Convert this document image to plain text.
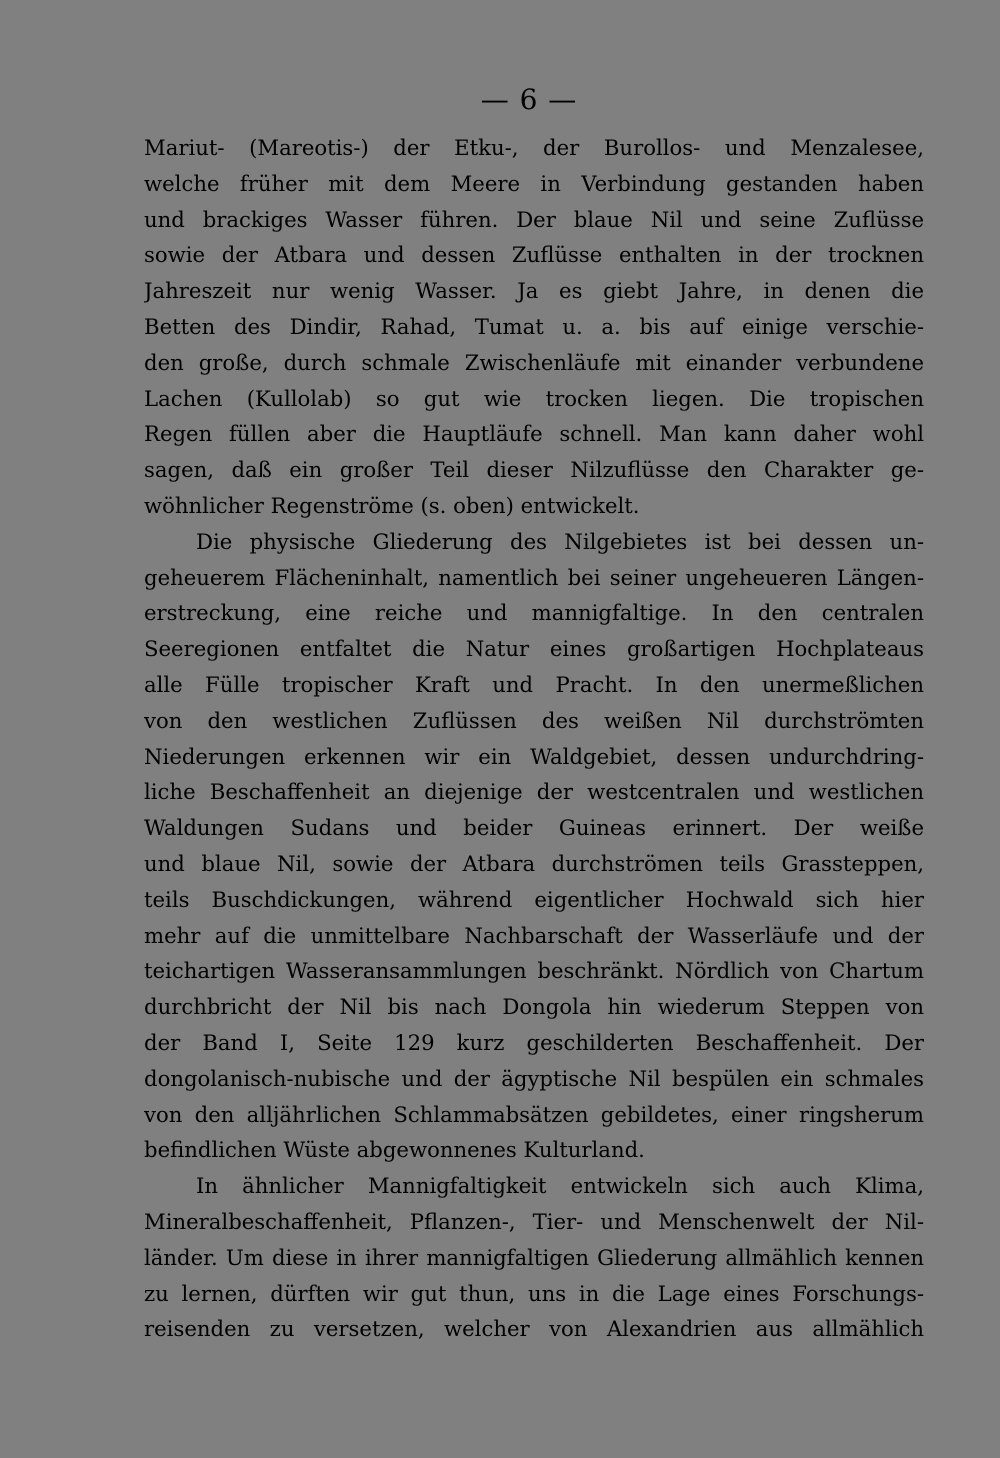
— 6 —
Mariut- (Mareotis-) der Etku-, der Burollos- und Menzalesee,
welche früher mit dem Meere in Verbindung gestanden haben
und brackiges Wasser führen. Der blaue Nil und seine Zuflüsse
sowie der Atbara und dessen Zuflüsse enthalten in der trocknen
Jahreszeit nur wenig Wasser. Ja es giebt Jahre, in denen die
Betten des Dindir, Rahad, Tumat u. a. bis auf einige verschie-
den große, durch schmale Zwischenläufe mit einander verbundene
Lachen (Kullolab) so gut wie trocken liegen. Die tropischen
Regen füllen aber die Hauptläufe schnell. Man kann daher wohl
sagen, daß ein großer Teil dieser Nilzuflüsse den Charakter ge-
wöhnlicher Regenströme (s. oben) entwickelt.
Die physische Gliederung des Nilgebietes ist bei dessen un-
geheuerem Flächeninhalt, namentlich bei seiner ungeheueren Längen-
erstreckung, eine reiche und mannigfaltige. In den centralen
Seeregionen entfaltet die Natur eines großartigen Hochplateaus
alle Fülle tropischer Kraft und Pracht. In den unermeßlichen
von den westlichen Zuflüssen des weißen Nil durchströmten
Niederungen erkennen wir ein Waldgebiet, dessen undurchdring-
liche Beschaffenheit an diejenige der westcentralen und westlichen
Waldungen Sudans und beider Guineas erinnert. Der weiße
und blaue Nil, sowie der Atbara durchströmen teils Grassteppen,
teils Buschdickungen, während eigentlicher Hochwald sich hier
mehr auf die unmittelbare Nachbarschaft der Wasserläufe und der
teichartigen Wasseransammlungen beschränkt. Nördlich von Chartum
durchbricht der Nil bis nach Dongola hin wiederum Steppen von
der Band I, Seite 129 kurz geschilderten Beschaffenheit. Der
dongolanisch-nubische und der ägyptische Nil bespülen ein schmales
von den alljährlichen Schlammabsätzen gebildetes, einer ringsherum
befindlichen Wüste abgewonnenes Kulturland.
In ähnlicher Mannigfaltigkeit entwickeln sich auch Klima,
Mineralbeschaffenheit, Pflanzen-, Tier- und Menschenwelt der Nil-
länder. Um diese in ihrer mannigfaltigen Gliederung allmählich kennen
zu lernen, dürften wir gut thun, uns in die Lage eines Forschungs-
reisenden zu versetzen, welcher von Alexandrien aus allmählich
